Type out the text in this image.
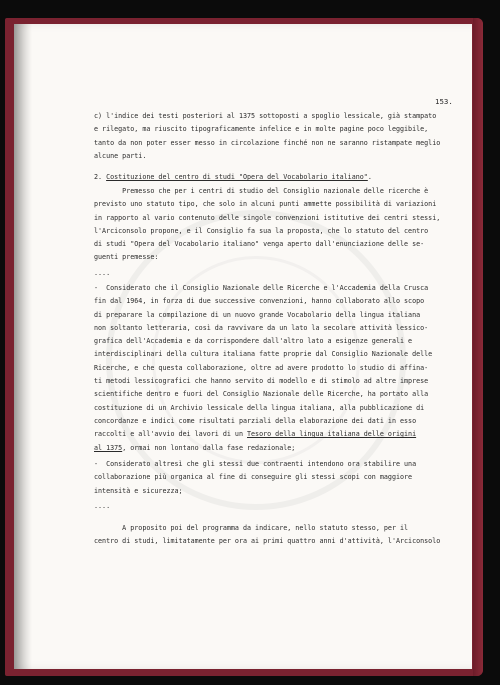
153.
c) l'indice dei testi posteriori al 1375 sottoposti a spoglio lessicale, già stampato
e rilegato, ma riuscito tipograficamente infelice e in molte pagine poco leggibile,
tanto da non poter esser messo in circolazione finché non ne saranno ristampate meglio
alcune parti.
2. Costituzione del centro di studi "Opera del Vocabolario italiano".
Premesso che per i centri di studio del Consiglio nazionale delle ricerche è
previsto uno statuto tipo, che solo in alcuni punti ammette possibilità di variazioni
in rapporto al vario contenuto delle singole convenzioni istitutive dei centri stessi,
l'Arciconsolo propone, e il Consiglio fa sua la proposta, che lo statuto del centro
di studi "Opera del Vocabolario italiano" venga aperto dall'enunciazione delle se-
guenti premesse:
....
-  Considerato che il Consiglio Nazionale delle Ricerche e l'Accademia della Crusca
fin dal 1964, in forza di due successive convenzioni, hanno collaborato allo scopo
di preparare la compilazione di un nuovo grande Vocabolario della lingua italiana
non soltanto letteraria, così da ravvivare da un lato la secolare attività lessico-
grafica dell'Accademia e da corrispondere dall'altro lato a esigenze generali e
interdisciplinari della cultura italiana fatte proprie dal Consiglio Nazionale delle
Ricerche, e che questa collaborazione, oltre ad avere prodotto lo studio di affina-
ti metodi lessicografici che hanno servito di modello e di stimolo ad altre imprese
scientifiche dentro e fuori del Consiglio Nazionale delle Ricerche, ha portato alla
costituzione di un Archivio lessicale della lingua italiana, alla pubblicazione di
concordanze e indici come risultati parziali della elaborazione dei dati in esso
raccolti e all'avvio dei lavori di un Tesoro della lingua italiana delle origini
al 1375, ormai non lontano dalla fase redazionale;
-  Considerato altresì che gli stessi due contraenti intendono ora stabilire una
collaborazione più organica al fine di conseguire gli stessi scopi con maggiore
intensità e sicurezza;
....
A proposito poi del programma da indicare, nello statuto stesso, per il
centro di studi, limitatamente per ora ai primi quattro anni d'attività, l'Arciconsolo
